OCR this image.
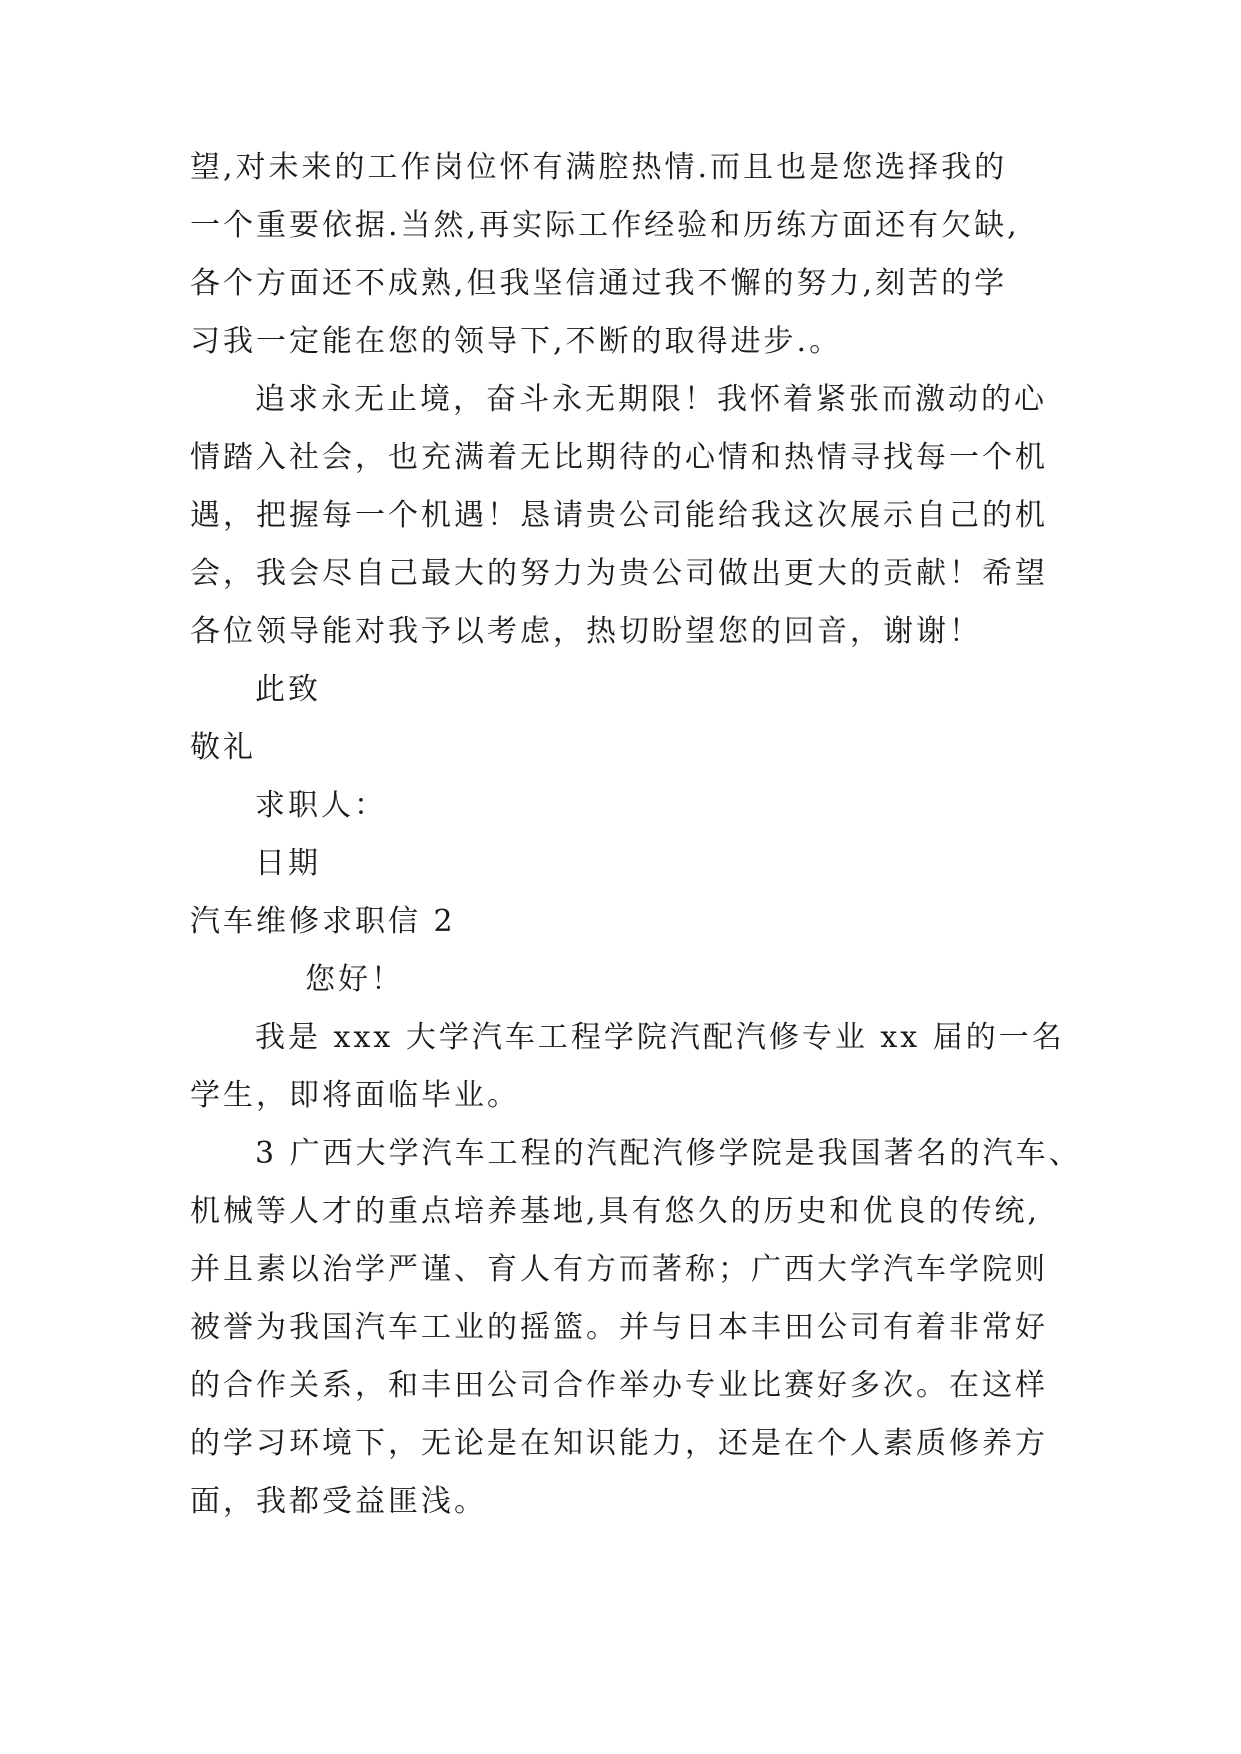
望,对未来的工作岗位怀有满腔热情.而且也是您选择我的
一个重要依据.当然,再实际工作经验和历练方面还有欠缺,
各个方面还不成熟,但我坚信通过我不懈的努力,刻苦的学
习我一定能在您的领导下,不断的取得进步.。
追求永无止境，奋斗永无期限！我怀着紧张而激动的心
情踏入社会，也充满着无比期待的心情和热情寻找每一个机
遇，把握每一个机遇！恳请贵公司能给我这次展示自己的机
会，我会尽自己最大的努力为贵公司做出更大的贡献！希望
各位领导能对我予以考虑，热切盼望您的回音，谢谢！
此致
敬礼
求职人：
日期
汽车维修求职信 2
您好！
我是 xxx 大学汽车工程学院汽配汽修专业 xx 届的一名
学生，即将面临毕业。
3 广西大学汽车工程的汽配汽修学院是我国著名的汽车、
机械等人才的重点培养基地,具有悠久的历史和优良的传统,
并且素以治学严谨、育人有方而著称；广西大学汽车学院则
被誉为我国汽车工业的摇篮。并与日本丰田公司有着非常好
的合作关系，和丰田公司合作举办专业比赛好多次。在这样
的学习环境下，无论是在知识能力，还是在个人素质修养方
面，我都受益匪浅。
